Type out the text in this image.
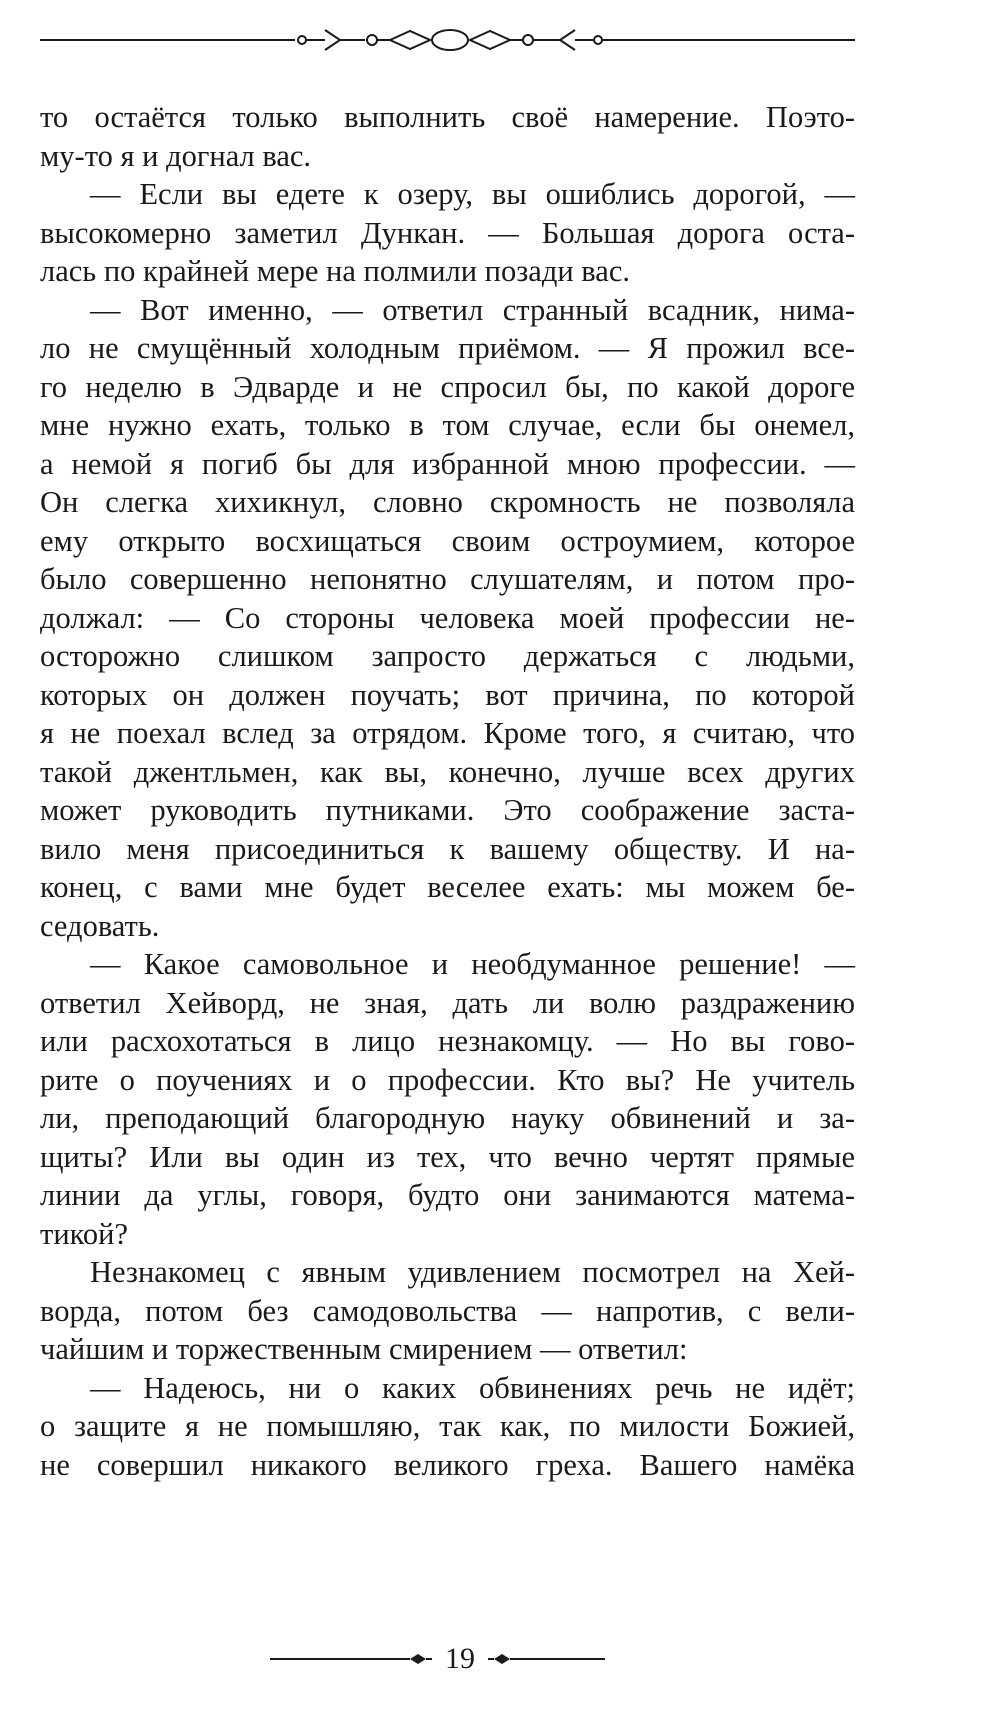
то остаётся только выполнить своё намерение. Поэто-
му-то я и догнал вас.
— Если вы едете к озеру, вы ошиблись дорогой, —
высокомерно заметил Дункан. — Большая дорога оста-
лась по крайней мере на полмили позади вас.
— Вот именно, — ответил странный всадник, нима-
ло не смущённый холодным приёмом. — Я прожил все-
го неделю в Эдварде и не спросил бы, по какой дороге
мне нужно ехать, только в том случае, если бы онемел,
а немой я погиб бы для избранной мною профессии. —
Он слегка хихикнул, словно скромность не позволяла
ему открыто восхищаться своим остроумием, которое
было совершенно непонятно слушателям, и потом про-
должал: — Со стороны человека моей профессии не-
осторожно слишком запросто держаться с людьми,
которых он должен поучать; вот причина, по которой
я не поехал вслед за отрядом. Кроме того, я считаю, что
такой джентльмен, как вы, конечно, лучше всех других
может руководить путниками. Это соображение заста-
вило меня присоединиться к вашему обществу. И на-
конец, с вами мне будет веселее ехать: мы можем бе-
седовать.
— Какое самовольное и необдуманное решение! —
ответил Хейворд, не зная, дать ли волю раздражению
или расхохотаться в лицо незнакомцу. — Но вы гово-
рите о поучениях и о профессии. Кто вы? Не учитель
ли, преподающий благородную науку обвинений и за-
щиты? Или вы один из тех, что вечно чертят прямые
линии да углы, говоря, будто они занимаются матема-
тикой?
Незнакомец с явным удивлением посмотрел на Хей-
ворда, потом без самодовольства — напротив, с вели-
чайшим и торжественным смирением — ответил:
— Надеюсь, ни о каких обвинениях речь не идёт;
о защите я не помышляю, так как, по милости Божией,
не совершил никакого великого греха. Вашего намёка
19
